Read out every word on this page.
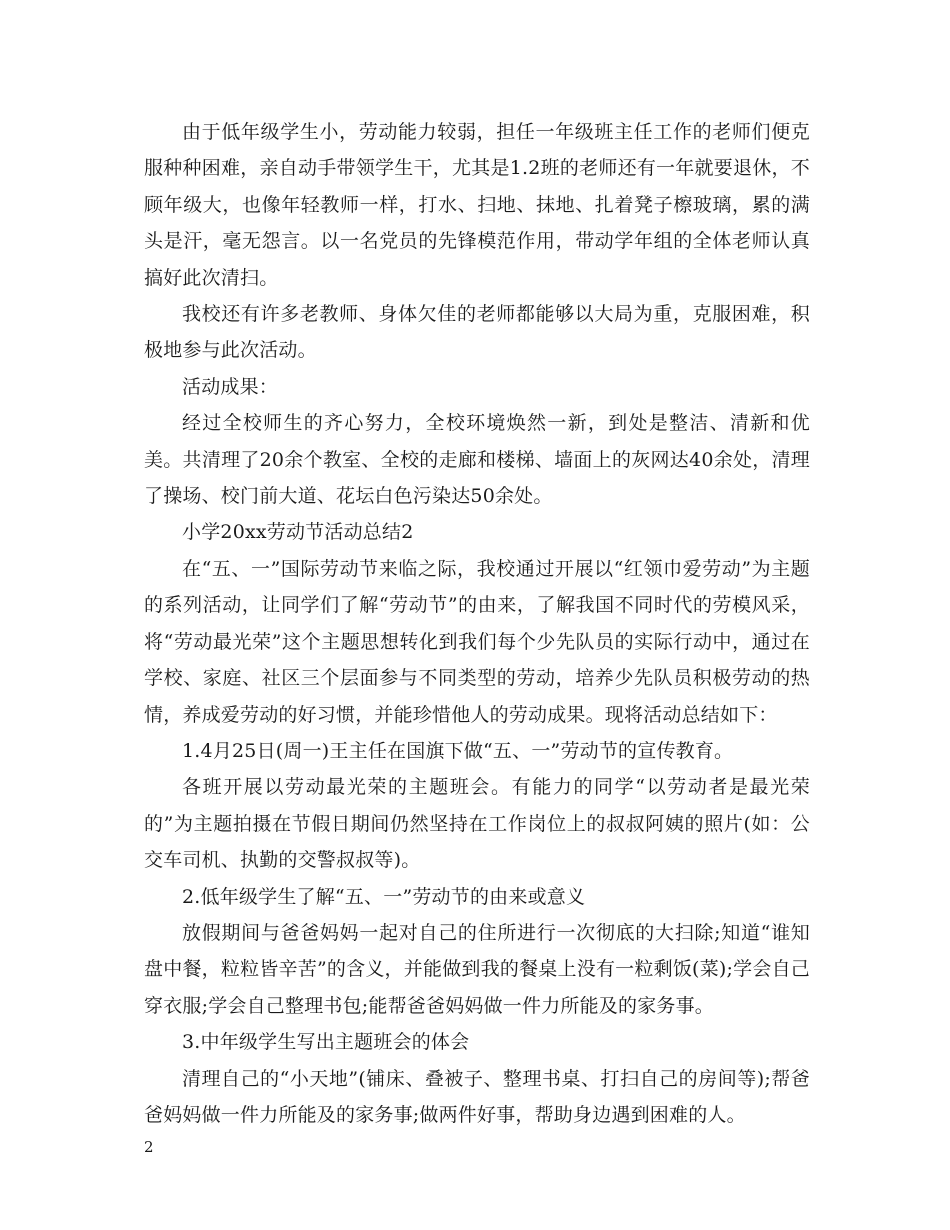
由于低年级学生小，劳动能力较弱，担任一年级班主任工作的老师们便克服种种困难，亲自动手带领学生干，尤其是1.2班的老师还有一年就要退休，不顾年级大，也像年轻教师一样，打水、扫地、抹地、扎着凳子檫玻璃，累的满头是汗，毫无怨言。以一名党员的先锋模范作用，带动学年组的全体老师认真搞好此次清扫。

我校还有许多老教师、身体欠佳的老师都能够以大局为重，克服困难，积极地参与此次活动。

活动成果：

经过全校师生的齐心努力，全校环境焕然一新，到处是整洁、清新和优美。共清理了20余个教室、全校的走廊和楼梯、墙面上的灰网达40余处，清理了操场、校门前大道、花坛白色污染达50余处。

小学20xx劳动节活动总结2

在“五、一”国际劳动节来临之际，我校通过开展以“红领巾爱劳动”为主题的系列活动，让同学们了解“劳动节”的由来，了解我国不同时代的劳模风采，将“劳动最光荣”这个主题思想转化到我们每个少先队员的实际行动中，通过在学校、家庭、社区三个层面参与不同类型的劳动，培养少先队员积极劳动的热情，养成爱劳动的好习惯，并能珍惜他人的劳动成果。现将活动总结如下：

1.4月25日(周一)王主任在国旗下做“五、一”劳动节的宣传教育。

各班开展以劳动最光荣的主题班会。有能力的同学“以劳动者是最光荣的”为主题拍摄在节假日期间仍然坚持在工作岗位上的叔叔阿姨的照片(如：公交车司机、执勤的交警叔叔等)。

2.低年级学生了解“五、一”劳动节的由来或意义

放假期间与爸爸妈妈一起对自己的住所进行一次彻底的大扫除;知道“谁知盘中餐，粒粒皆辛苦”的含义，并能做到我的餐桌上没有一粒剩饭(菜);学会自己穿衣服;学会自己整理书包;能帮爸爸妈妈做一件力所能及的家务事。

3.中年级学生写出主题班会的体会

清理自己的“小天地”(铺床、叠被子、整理书桌、打扫自己的房间等);帮爸爸妈妈做一件力所能及的家务事;做两件好事，帮助身边遇到困难的人。

2
